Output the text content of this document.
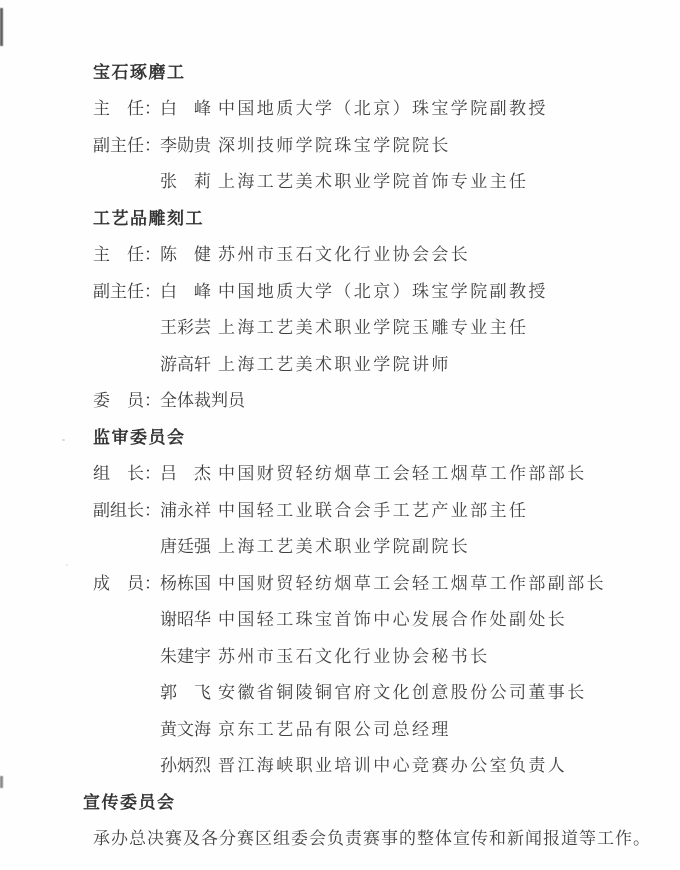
宝石琢磨工
主　任： 白　峰 中国地质大学（北京）珠宝学院副教授
副主任： 李勋贵 深圳技师学院珠宝学院院长
张　莉 上海工艺美术职业学院首饰专业主任
工艺品雕刻工
主　任： 陈　健 苏州市玉石文化行业协会会长
副主任： 白　峰 中国地质大学（北京）珠宝学院副教授
王彩芸 上海工艺美术职业学院玉雕专业主任
游高轩 上海工艺美术职业学院讲师
委　员： 全体裁判员
监审委员会
组　长： 吕　杰 中国财贸轻纺烟草工会轻工烟草工作部部长
副组长： 浦永祥 中国轻工业联合会手工艺产业部主任
唐廷强 上海工艺美术职业学院副院长
成　员： 杨栋国 中国财贸轻纺烟草工会轻工烟草工作部副部长
谢昭华 中国轻工珠宝首饰中心发展合作处副处长
朱建宇 苏州市玉石文化行业协会秘书长
郭　飞 安徽省铜陵铜官府文化创意股份公司董事长
黄文海 京东工艺品有限公司总经理
孙炳烈 晋江海峡职业培训中心竞赛办公室负责人
宣传委员会

承办总决赛及各分赛区组委会负责赛事的整体宣传和新闻报道等工作。
